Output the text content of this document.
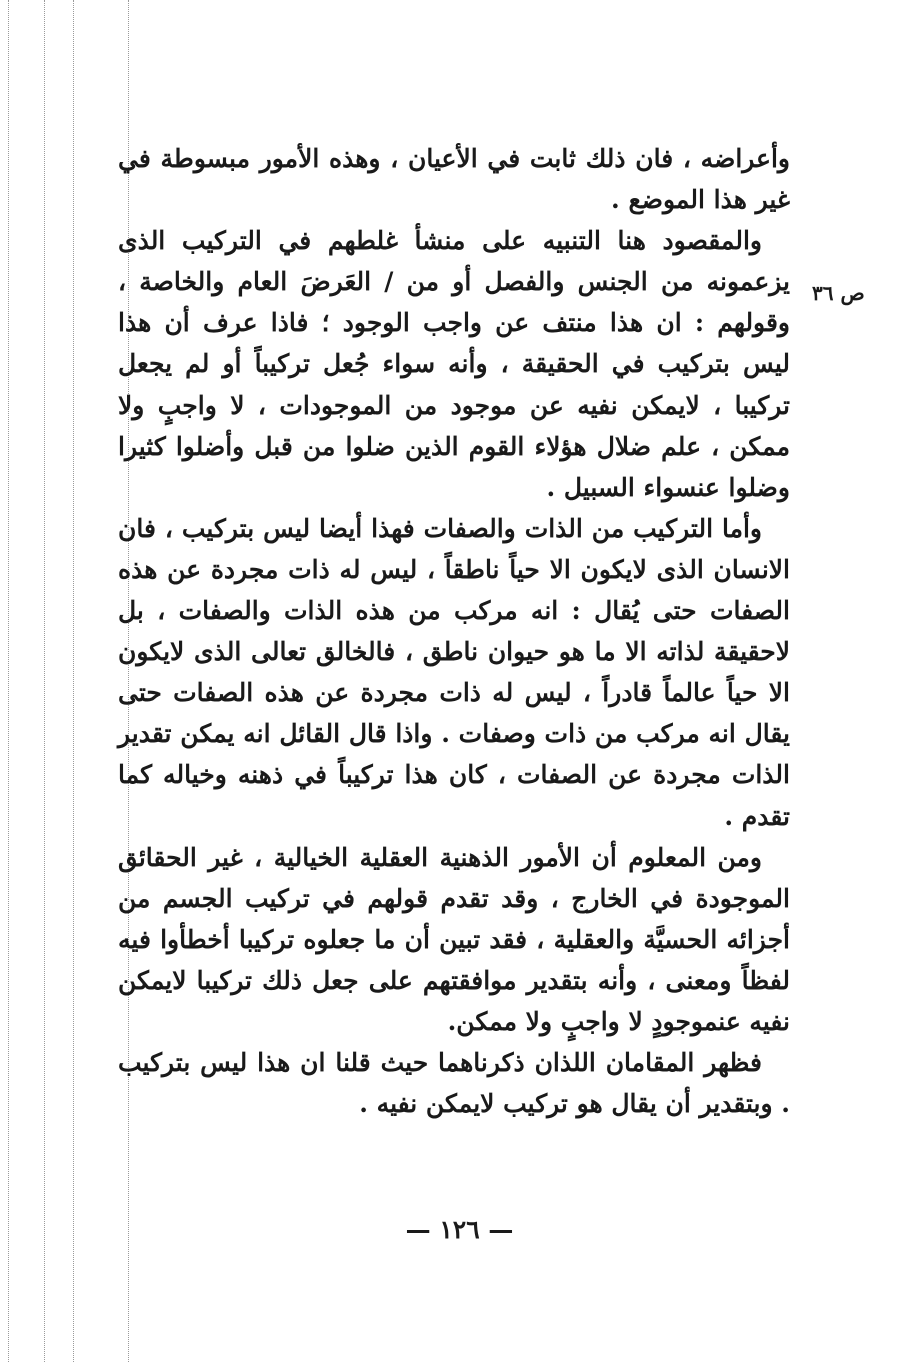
ص ٣٦

وأعراضه ، فان ذلك ثابت في الأعيان ، وهذه الأمور مبسوطة في غير هذا الموضع .

والمقصود هنا التنبيه على منشأ غلطهم في التركيب الذى يزعمونه من الجنس والفصل أو من / العَرضَ العام والخاصة ، وقولهم : ان هذا منتف عن واجب الوجود ؛ فاذا عرف أن هذا ليس بتركيب في الحقيقة ، وأنه سواء جُعل تركيباً أو لم يجعل تركيبا ، لايمكن نفيه عن موجود من الموجودات ، لا واجبٍ ولا ممكن ، علم ضلال هؤلاء القوم الذين ضلوا من قبل وأضلوا كثيرا وضلوا عنسواء السبيل .

وأما التركيب من الذات والصفات فهذا أيضا ليس بتركيب ، فان الانسان الذى لايكون الا حياً ناطقاً ، ليس له ذات مجردة عن هذه الصفات حتى يُقال : انه مركب من هذه الذات والصفات ، بل لاحقيقة لذاته الا ما هو حيوان ناطق ، فالخالق تعالى الذى لايكون الا حياً عالماً قادراً ، ليس له ذات مجردة عن هذه الصفات حتى يقال انه مركب من ذات وصفات . واذا قال القائل انه يمكن تقدير الذات مجردة عن الصفات ، كان هذا تركيباً في ذهنه وخياله كما تقدم .

ومن المعلوم أن الأمور الذهنية العقلية الخيالية ، غير الحقائق الموجودة في الخارج ، وقد تقدم قولهم في تركيب الجسم من أجزائه الحسيَّة والعقلية ، فقد تبين أن ما جعلوه تركيبا أخطأوا فيه لفظاً ومعنى ، وأنه بتقدير موافقتهم على جعل ذلك تركيبا لايمكن نفيه عنموجودٍ لا واجبٍ ولا ممكن.

فظهر المقامان اللذان ذكرناهما حيث قلنا ان هذا ليس بتركيب . وبتقدير أن يقال هو تركيب لايمكن نفيه .

— ١٢٦ —
